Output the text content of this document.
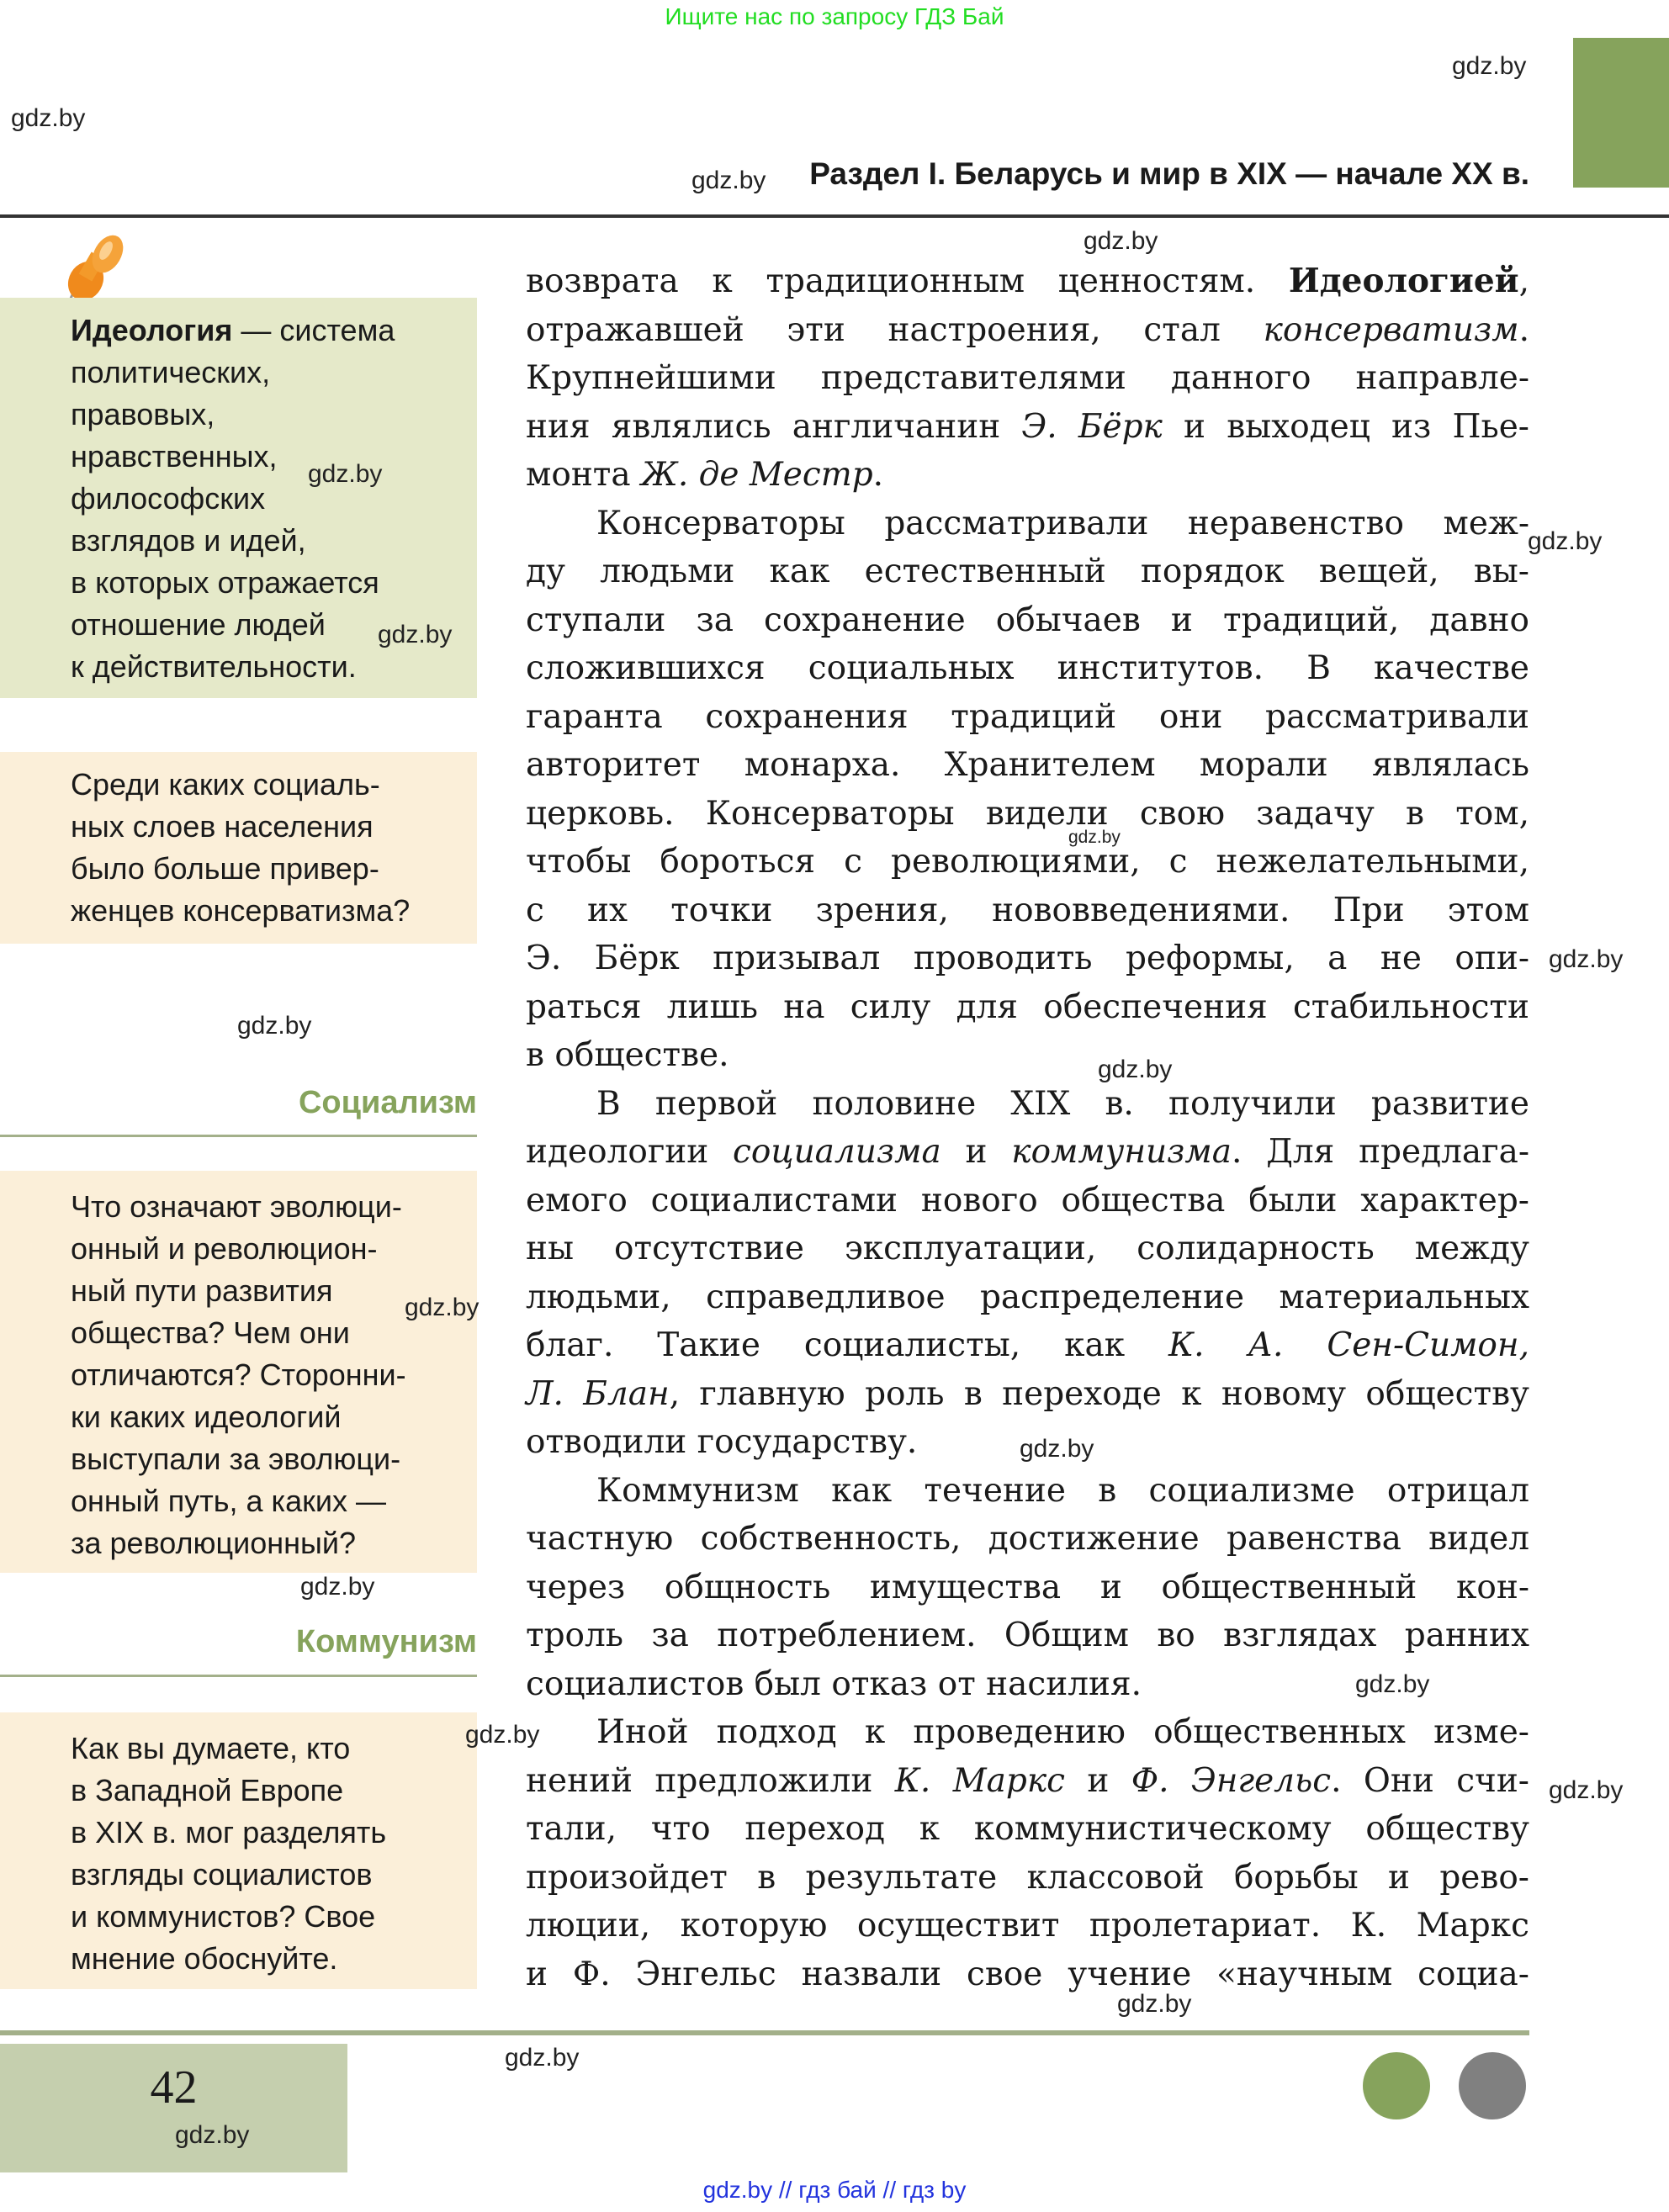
Ищите нас по запросу ГДЗ Бай
Раздел I. Беларусь и мир в XIX — начале XX в.
Идеология — система
политических,
правовых,
нравственных,
философских
взглядов и идей,
в которых отражается
отношение людей
к действительности.
Среди каких социаль-
ных слоев населения
было больше привер-
женцев консерватизма?
Социализм
Что означают эволюци-
онный и революцион-
ный пути развития
общества? Чем они
отличаются? Сторонни-
ки каких идеологий
выступали за эволюци-
онный путь, а каких —
за революционный?
Коммунизм
Как вы думаете, кто
в Западной Европе
в XIX в. мог разделять
взгляды социалистов
и коммунистов? Свое
мнение обоснуйте.
возврата к традиционным ценностям. Идеологией,
отражавшей эти настроения, стал консерватизм.
Крупнейшими представителями данного направле-
ния являлись англичанин Э. Бёрк и выходец из Пье-
монта Ж. де Местр.
Консерваторы рассматривали неравенство меж-
ду людьми как естественный порядок вещей, вы-
ступали за сохранение обычаев и традиций, давно
сложившихся социальных институтов. В качестве
гаранта сохранения традиций они рассматривали
авторитет монарха. Хранителем морали являлась
церковь. Консерваторы видели свою задачу в том,
чтобы бороться с революциями, с нежелательными,
с их точки зрения, нововведениями. При этом
Э. Бёрк призывал проводить реформы, а не опи-
раться лишь на силу для обеспечения стабильности
в обществе.
В первой половине XIX в. получили развитие
идеологии социализма и коммунизма. Для предлага-
емого социалистами нового общества были характер-
ны отсутствие эксплуатации, солидарность между
людьми, справедливое распределение материальных
благ. Такие социалисты, как К. А. Сен-Симон,
Л. Блан, главную роль в переходе к новому обществу
отводили государству.
Коммунизм как течение в социализме отрицал
частную собственность, достижение равенства видел
через общность имущества и общественный кон-
троль за потреблением. Общим во взглядах ранних
социалистов был отказ от насилия.
Иной подход к проведению общественных изме-
нений предложили К. Маркс и Ф. Энгельс. Они счи-
тали, что переход к коммунистическому обществу
произойдет в результате классовой борьбы и рево-
люции, которую осуществит пролетариат. К. Маркс
и Ф. Энгельс назвали свое учение «научным социа-
42
gdz.by // гдз бай // гдз by
gdz.by
gdz.by
gdz.by
gdz.by
gdz.by
gdz.by
gdz.by
gdz.by
gdz.by
gdz.by
gdz.by
gdz.by
gdz.by
gdz.by
gdz.by
gdz.by
gdz.by
gdz.by
gdz.by
gdz.by
